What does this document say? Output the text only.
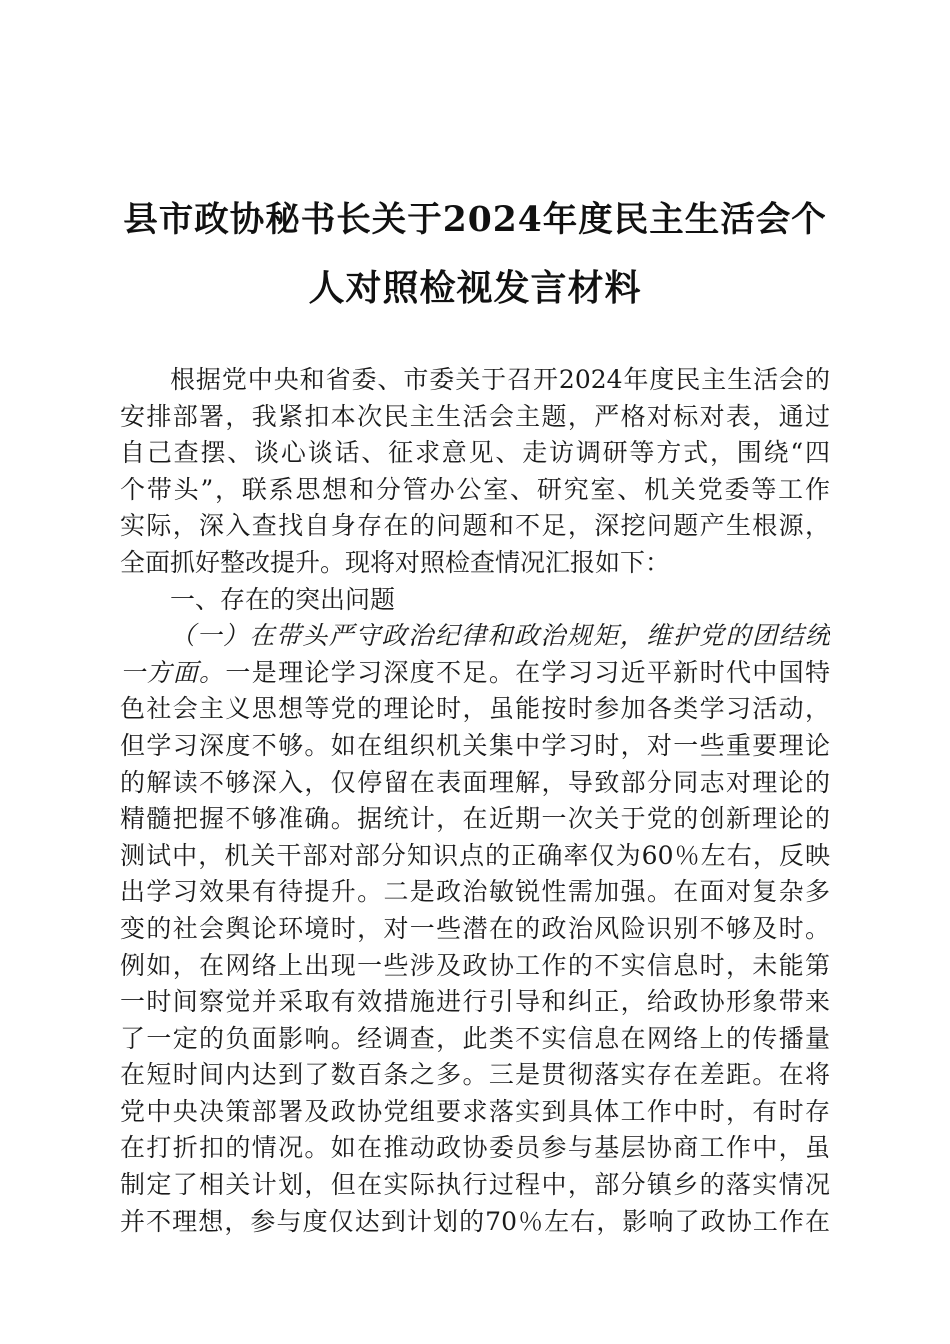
县市政协秘书长关于2024年度民主生活会个
人对照检视发言材料
根据党中央和省委、市委关于召开2024年度民主生活会的
安排部署，我紧扣本次民主生活会主题，严格对标对表，通过
自己查摆、谈心谈话、征求意见、走访调研等方式，围绕“四
个带头”，联系思想和分管办公室、研究室、机关党委等工作
实际，深入查找自身存在的问题和不足，深挖问题产生根源，
全面抓好整改提升。现将对照检查情况汇报如下：
一、存在的突出问题
（一）在带头严守政治纪律和政治规矩，维护党的团结统
一方面。一是理论学习深度不足。在学习习近平新时代中国特
色社会主义思想等党的理论时，虽能按时参加各类学习活动，
但学习深度不够。如在组织机关集中学习时，对一些重要理论
的解读不够深入，仅停留在表面理解，导致部分同志对理论的
精髓把握不够准确。据统计，在近期一次关于党的创新理论的
测试中，机关干部对部分知识点的正确率仅为60％左右，反映
出学习效果有待提升。二是政治敏锐性需加强。在面对复杂多
变的社会舆论环境时，对一些潜在的政治风险识别不够及时。
例如，在网络上出现一些涉及政协工作的不实信息时，未能第
一时间察觉并采取有效措施进行引导和纠正，给政协形象带来
了一定的负面影响。经调查，此类不实信息在网络上的传播量
在短时间内达到了数百条之多。三是贯彻落实存在差距。在将
党中央决策部署及政协党组要求落实到具体工作中时，有时存
在打折扣的情况。如在推动政协委员参与基层协商工作中，虽
制定了相关计划，但在实际执行过程中，部分镇乡的落实情况
并不理想，参与度仅达到计划的70％左右，影响了政协工作在
